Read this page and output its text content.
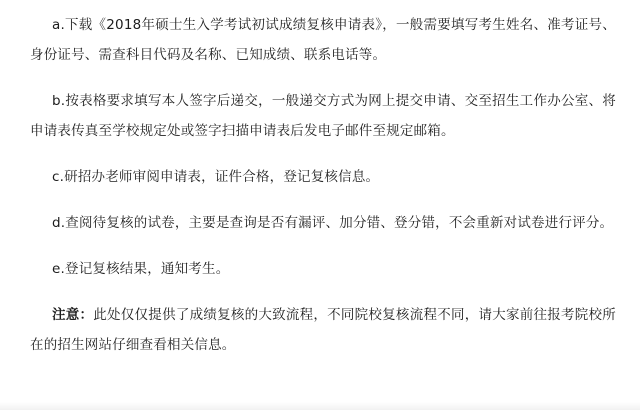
a.下载《2018年硕士生入学考试初试成绩复核申请表》，一般需要填写考生姓名、准考证号、身份证号、需查科目代码及名称、已知成绩、联系电话等。

b.按表格要求填写本人签字后递交，一般递交方式为网上提交申请、交至招生工作办公室、将申请表传真至学校规定处或签字扫描申请表后发电子邮件至规定邮箱。

c.研招办老师审阅申请表，证件合格，登记复核信息。

d.查阅待复核的试卷，主要是查询是否有漏评、加分错、登分错，不会重新对试卷进行评分。

e.登记复核结果，通知考生。

注意：此处仅仅提供了成绩复核的大致流程，不同院校复核流程不同，请大家前往报考院校所在的招生网站仔细查看相关信息。
